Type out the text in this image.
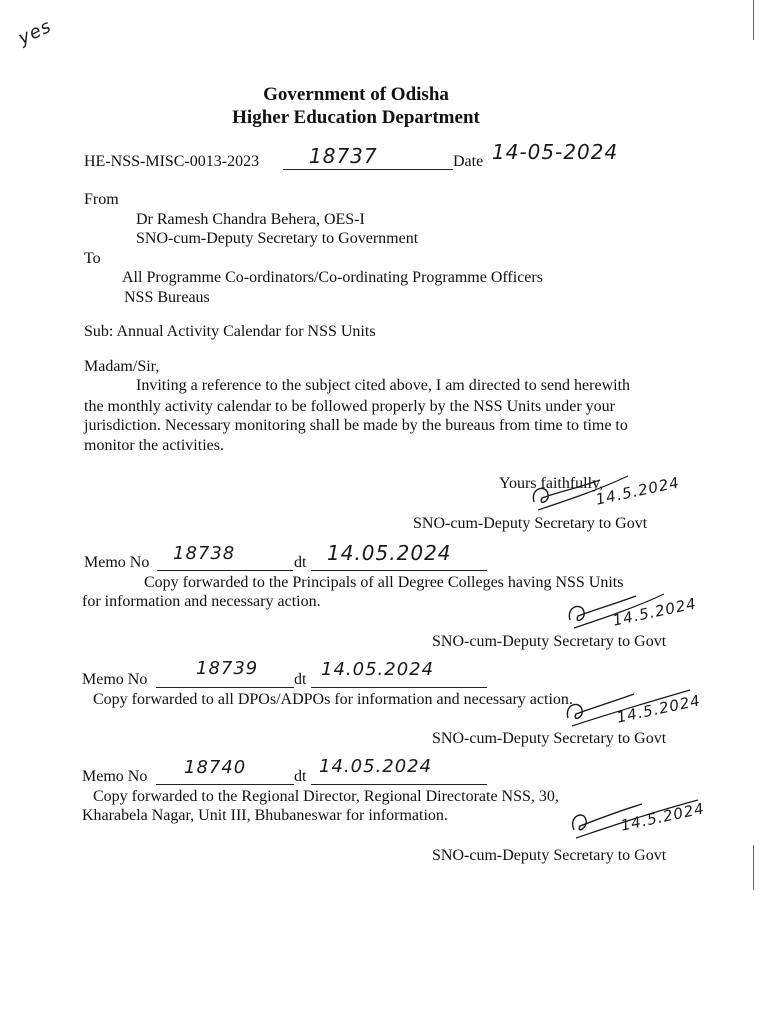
yes
Government of Odisha
Higher Education Department
HE-NSS-MISC-0013-2023 18737	Date 14-05-2024
From
Dr Ramesh Chandra Behera, OES-I
SNO-cum-Deputy Secretary to Government
To
All Programme Co-ordinators/Co-ordinating Programme Officers
NSS Bureaus
Sub: Annual Activity Calendar for NSS Units
Madam/Sir,
Inviting a reference to the subject cited above, I am directed to send herewith
the monthly activity calendar to be followed properly by the NSS Units under your
jurisdiction. Necessary monitoring shall be made by the bureaus from time to time to
monitor the activities.
Yours faithfully,
14.5.2024
SNO-cum-Deputy Secretary to Govt
Memo No 18738	dt 14.05.2024
Copy forwarded to the Principals of all Degree Colleges having NSS Units
for information and necessary action.	14.5.2024
SNO-cum-Deputy Secretary to Govt
Memo No
18739
dt 14.05.2024
Copy forwarded to all DPOs/ADPOs for information and necessary action.	14.5.2024
SNO-cum-Deputy Secretary to Govt
Memo No 18740	dt 14.05.2024
Copy forwarded to the Regional Director, Regional Directorate NSS, 30,
Kharabela Nagar, Unit III, Bhubaneswar for information.	14.5.2024
SNO-cum-Deputy Secretary to Govt
